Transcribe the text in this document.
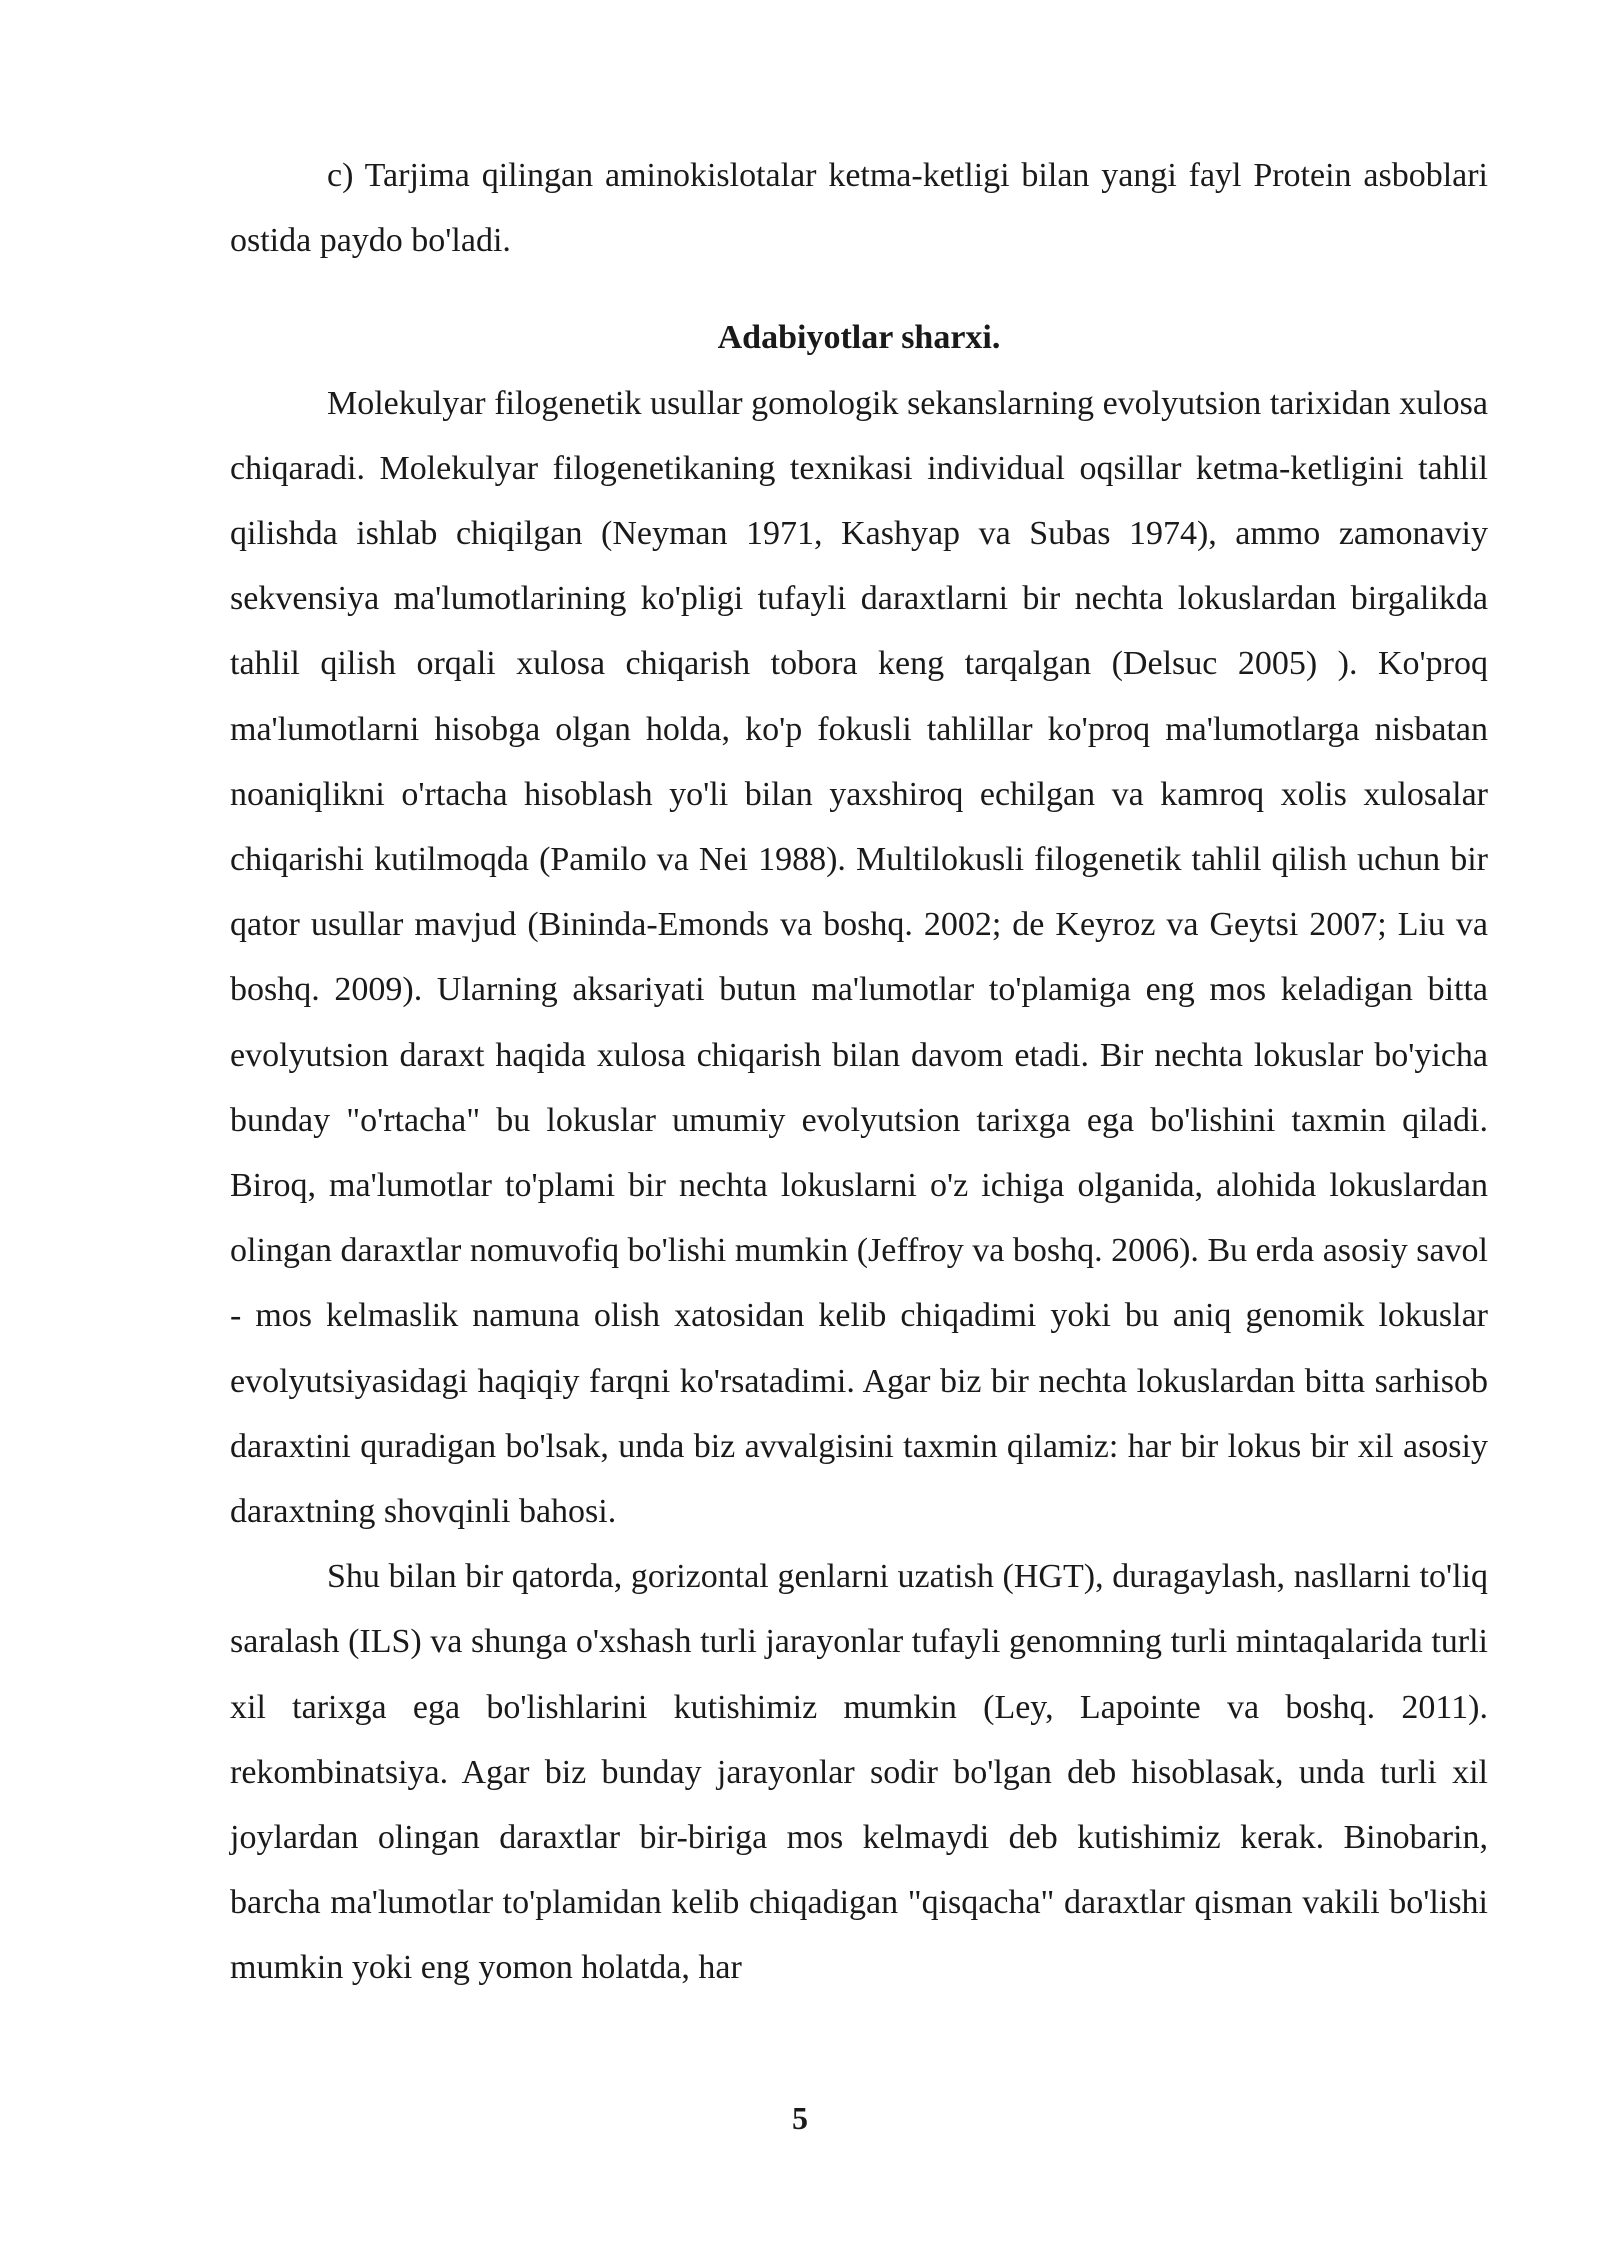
c) Tarjima qilingan aminokislotalar ketma-ketligi bilan yangi fayl Protein asboblari ostida paydo bo'ladi.

Adabiyotlar sharxi.

Molekulyar filogenetik usullar gomologik sekanslarning evolyutsion tarixidan xulosa chiqaradi. Molekulyar filogenetikaning texnikasi individual oqsillar ketma-ketligini tahlil qilishda ishlab chiqilgan (Neyman 1971, Kashyap va Subas 1974), ammo zamonaviy sekvensiya ma'lumotlarining ko'pligi tufayli daraxtlarni bir nechta lokuslardan birgalikda tahlil qilish orqali xulosa chiqarish tobora keng tarqalgan (Delsuc 2005) ). Ko'proq ma'lumotlarni hisobga olgan holda, ko'p fokusli tahlillar ko'proq ma'lumotlarga nisbatan noaniqlikni o'rtacha hisoblash yo'li bilan yaxshiroq echilgan va kamroq xolis xulosalar chiqarishi kutilmoqda (Pamilo va Nei 1988). Multilokusli filogenetik tahlil qilish uchun bir qator usullar mavjud (Bininda-Emonds va boshq. 2002; de Keyroz va Geytsi 2007; Liu va boshq. 2009). Ularning aksariyati butun ma'lumotlar to'plamiga eng mos keladigan bitta evolyutsion daraxt haqida xulosa chiqarish bilan davom etadi. Bir nechta lokuslar bo'yicha bunday "o'rtacha" bu lokuslar umumiy evolyutsion tarixga ega bo'lishini taxmin qiladi. Biroq, ma'lumotlar to'plami bir nechta lokuslarni o'z ichiga olganida, alohida lokuslardan olingan daraxtlar nomuvofiq bo'lishi mumkin (Jeffroy va boshq. 2006). Bu erda asosiy savol - mos kelmaslik namuna olish xatosidan kelib chiqadimi yoki bu aniq genomik lokuslar evolyutsiyasidagi haqiqiy farqni ko'rsatadimi. Agar biz bir nechta lokuslardan bitta sarhisob daraxtini quradigan bo'lsak, unda biz avvalgisini taxmin qilamiz: har bir lokus bir xil asosiy daraxtning shovqinli bahosi.

Shu bilan bir qatorda, gorizontal genlarni uzatish (HGT), duragaylash, nasllarni to'liq saralash (ILS) va shunga o'xshash turli jarayonlar tufayli genomning turli mintaqalarida turli xil tarixga ega bo'lishlarini kutishimiz mumkin (Ley, Lapointe va boshq. 2011). rekombinatsiya. Agar biz bunday jarayonlar sodir bo'lgan deb hisoblasak, unda turli xil joylardan olingan daraxtlar bir-biriga mos kelmaydi deb kutishimiz kerak. Binobarin, barcha ma'lumotlar to'plamidan kelib chiqadigan "qisqacha" daraxtlar qisman vakili bo'lishi mumkin yoki eng yomon holatda, har

5
